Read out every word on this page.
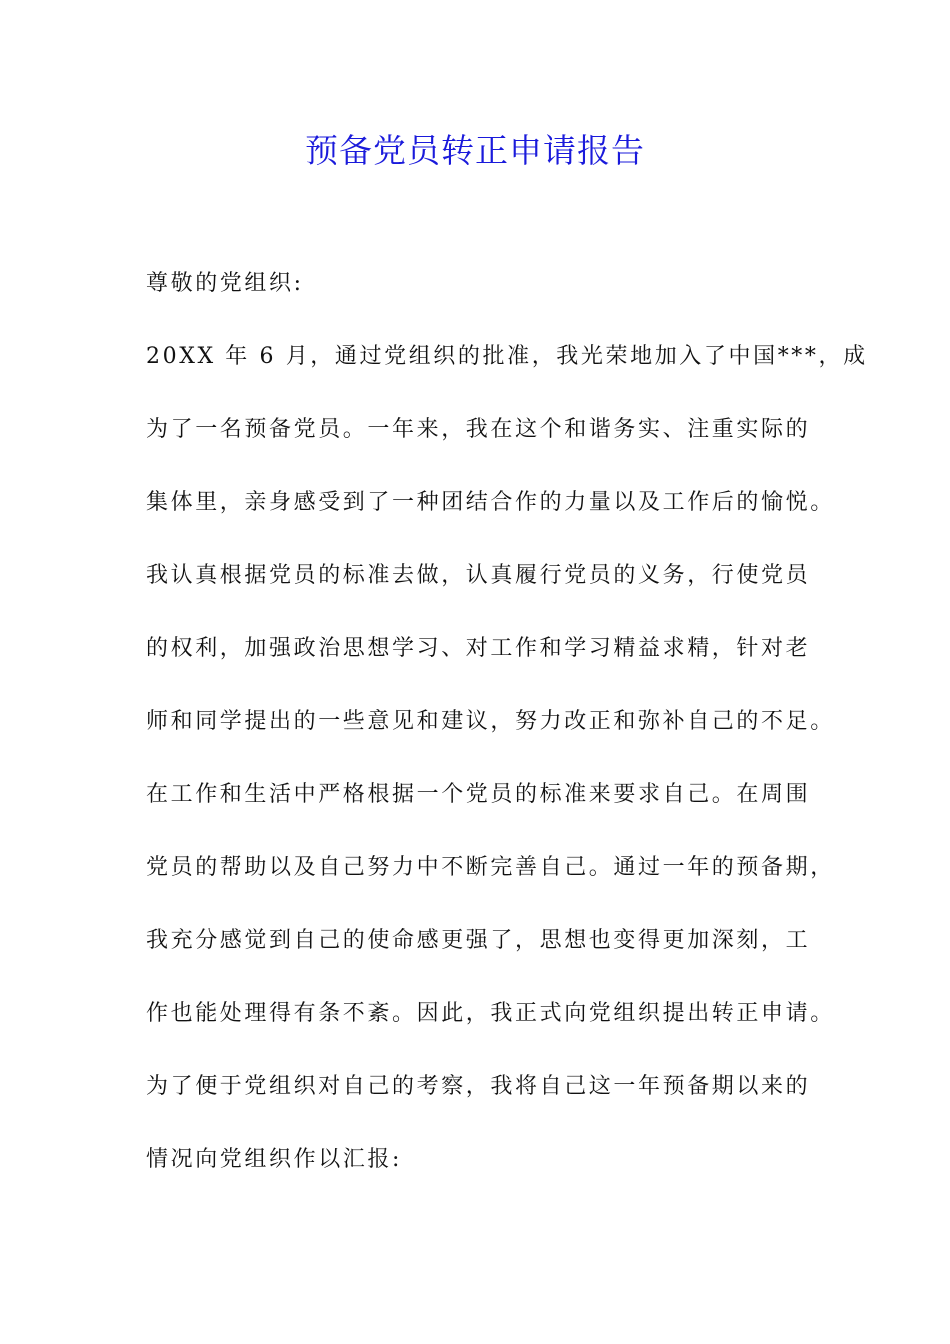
预备党员转正申请报告
尊敬的党组织:
20XX 年 6 月，通过党组织的批准，我光荣地加入了中国***，成
为了一名预备党员。一年来，我在这个和谐务实、注重实际的
集体里，亲身感受到了一种团结合作的力量以及工作后的愉悦。
我认真根据党员的标准去做，认真履行党员的义务，行使党员
的权利，加强政治思想学习、对工作和学习精益求精，针对老
师和同学提出的一些意见和建议，努力改正和弥补自己的不足。
在工作和生活中严格根据一个党员的标准来要求自己。在周围
党员的帮助以及自己努力中不断完善自己。通过一年的预备期，
我充分感觉到自己的使命感更强了，思想也变得更加深刻，工
作也能处理得有条不紊。因此，我正式向党组织提出转正申请。
为了便于党组织对自己的考察，我将自己这一年预备期以来的
情况向党组织作以汇报:
